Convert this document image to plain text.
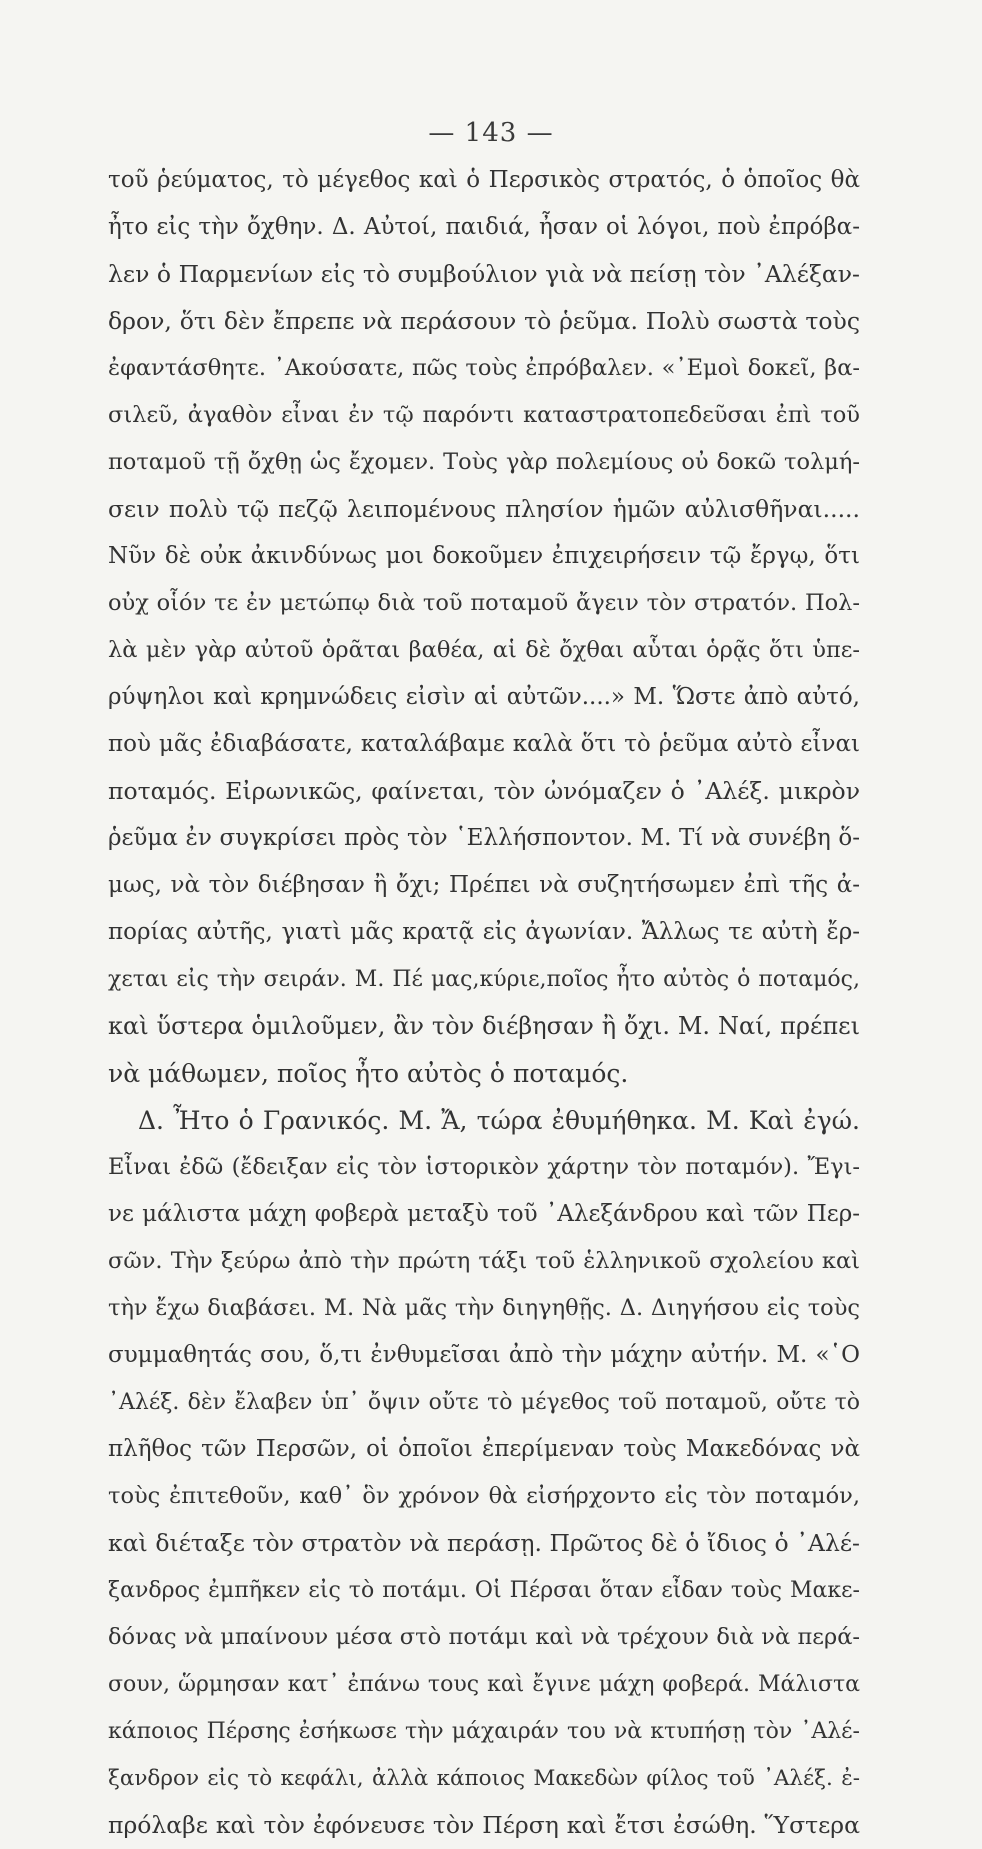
— 143 —
τοῦ ῥεύματος, τὸ μέγεθος καὶ ὁ Περσικὸς στρατός, ὁ ὁποῖος θὰ
ἦτο εἰς τὴν ὄχθην. Δ. Αὐτοί, παιδιά, ἦσαν οἱ λόγοι, ποὺ ἐπρόβα-
λεν ὁ Παρμενίων εἰς τὸ συμβούλιον γιὰ νὰ πείσῃ τὸν ᾿Αλέξαν-
δρον, ὅτι δὲν ἔπρεπε νὰ περάσουν τὸ ῥεῦμα. Πολὺ σωστὰ τοὺς
ἐφαντάσθητε. ᾿Ακούσατε, πῶς τοὺς ἐπρόβαλεν. «᾿Εμοὶ δοκεῖ, βα-
σιλεῦ, ἀγαθὸν εἶναι ἐν τῷ παρόντι καταστρατοπεδεῦσαι ἐπὶ τοῦ
ποταμοῦ τῇ ὄχθῃ ὡς ἔχομεν. Τοὺς γὰρ πολεμίους οὐ δοκῶ τολμή-
σειν πολὺ τῷ πεζῷ λειπομένους πλησίον ἡμῶν αὐλισθῆναι.....
Νῦν δὲ οὐκ ἀκινδύνως μοι δοκοῦμεν ἐπιχειρήσειν τῷ ἔργῳ, ὅτι
οὐχ οἷόν τε ἐν μετώπῳ διὰ τοῦ ποταμοῦ ἄγειν τὸν στρατόν. Πολ-
λὰ μὲν γὰρ αὐτοῦ ὁρᾶται βαθέα, αἱ δὲ ὄχθαι αὗται ὁρᾷς ὅτι ὑπε-
ρύψηλοι καὶ κρημνώδεις εἰσὶν αἱ αὐτῶν....» Μ. Ὥστε ἀπὸ αὐτό,
ποὺ μᾶς ἐδιαβάσατε, καταλάβαμε καλὰ ὅτι τὸ ῥεῦμα αὐτὸ εἶναι
ποταμός. Εἰρωνικῶς, φαίνεται, τὸν ὠνόμαζεν ὁ ᾿Αλέξ. μικρὸν
ῥεῦμα ἐν συγκρίσει πρὸς τὸν ῾Ελλήσποντον. Μ. Τί νὰ συνέβη ὅ-
μως, νὰ τὸν διέβησαν ἢ ὄχι; Πρέπει νὰ συζητήσωμεν ἐπὶ τῆς ἀ-
πορίας αὐτῆς, γιατὶ μᾶς κρατᾷ εἰς ἀγωνίαν. Ἄλλως τε αὐτὴ ἔρ-
χεται εἰς τὴν σειράν. Μ. Πέ μας,κύριε,ποῖος ἦτο αὐτὸς ὁ ποταμός,
καὶ ὕστερα ὁμιλοῦμεν, ἂν τὸν διέβησαν ἢ ὄχι. Μ. Ναί, πρέπει
νὰ μάθωμεν, ποῖος ἦτο αὐτὸς ὁ ποταμός.
Δ. Ἦτο ὁ Γρανικός. Μ. Ἄ, τώρα ἐθυμήθηκα. Μ. Καὶ ἐγώ.
Εἶναι ἐδῶ (ἔδειξαν εἰς τὸν ἱστορικὸν χάρτην τὸν ποταμόν). Ἔγι-
νε μάλιστα μάχη φοβερὰ μεταξὺ τοῦ ᾿Αλεξάνδρου καὶ τῶν Περ-
σῶν. Τὴν ξεύρω ἀπὸ τὴν πρώτη τάξι τοῦ ἑλληνικοῦ σχολείου καὶ
τὴν ἔχω διαβάσει. Μ. Νὰ μᾶς τὴν διηγηθῇς. Δ. Διηγήσου εἰς τοὺς
συμμαθητάς σου, ὅ,τι ἐνθυμεῖσαι ἀπὸ τὴν μάχην αὐτήν. Μ. «῾Ο
᾿Αλέξ. δὲν ἔλαβεν ὑπ᾿ ὄψιν οὔτε τὸ μέγεθος τοῦ ποταμοῦ, οὔτε τὸ
πλῆθος τῶν Περσῶν, οἱ ὁποῖοι ἐπερίμεναν τοὺς Μακεδόνας νὰ
τοὺς ἐπιτεθοῦν, καθ᾿ ὃν χρόνον θὰ εἰσήρχοντο εἰς τὸν ποταμόν,
καὶ διέταξε τὸν στρατὸν νὰ περάσῃ. Πρῶτος δὲ ὁ ἴδιος ὁ ᾿Αλέ-
ξανδρος ἐμπῆκεν εἰς τὸ ποτάμι. Οἱ Πέρσαι ὅταν εἶδαν τοὺς Μακε-
δόνας νὰ μπαίνουν μέσα στὸ ποτάμι καὶ νὰ τρέχουν διὰ νὰ περά-
σουν, ὥρμησαν κατ᾿ ἐπάνω τους καὶ ἔγινε μάχη φοβερά. Μάλιστα
κάποιος Πέρσης ἐσήκωσε τὴν μάχαιράν του νὰ κτυπήσῃ τὸν ᾿Αλέ-
ξανδρον εἰς τὸ κεφάλι, ἀλλὰ κάποιος Μακεδὼν φίλος τοῦ ᾿Αλέξ. ἐ-
πρόλαβε καὶ τὸν ἐφόνευσε τὸν Πέρση καὶ ἔτσι ἐσώθη. Ὕστερα
